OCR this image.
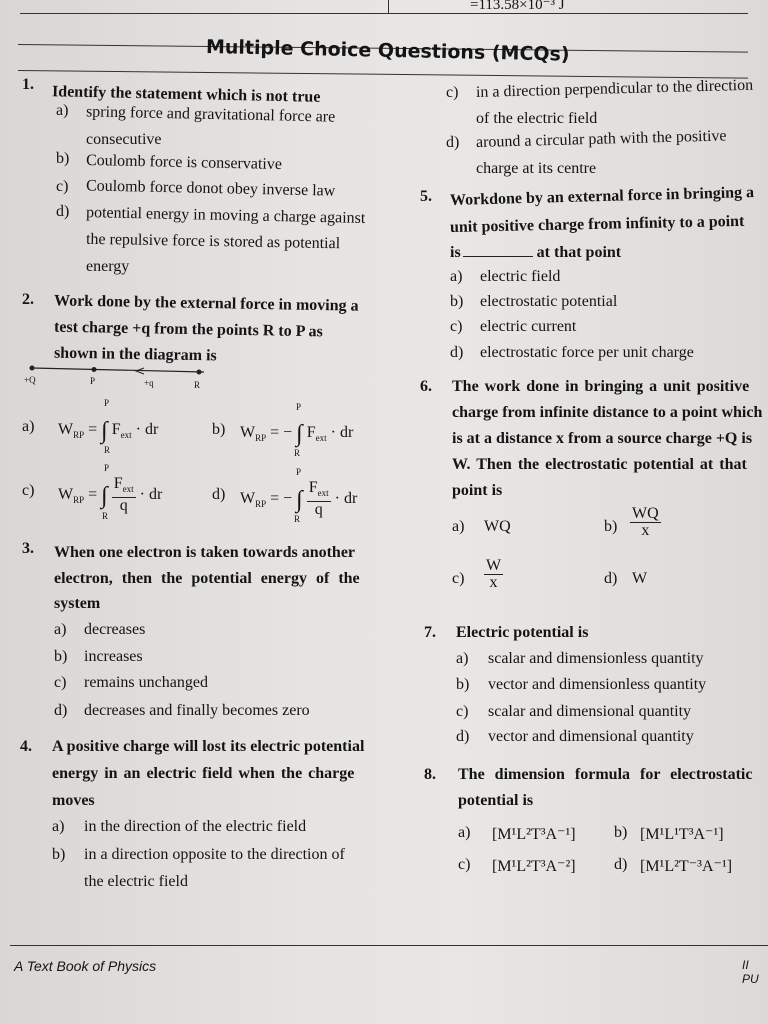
=113.58×10⁻³ J
Multiple Choice Questions (MCQs)
1. Identify the statement which is not true
a) spring force and gravitational force are
consecutive
b) Coulomb force is conservative
c) Coulomb force donot obey inverse law
d) potential energy in moving a charge against
the repulsive force is stored as potential
energy
2. Work done by the external force in moving a
test charge +q from the points R to P as
shown in the diagram is
+Q	P	+q	R
a) $W_{RP}$ = ∫ $F_{ext}$ · dr
P
R
b) $W_{RP}$ = − ∫ $F_{ext}$ · dr
P
R
c) $W_{RP}$ = ∫ $\frac{F_{ext}}{q}$ · dr
P
R
d) $W_{RP}$ = − ∫ $\frac{F_{ext}}{q}$ · dr
P
R
3. When one electron is taken towards another
electron, then the potential energy of the
system
a) decreases
b) increases
c) remains unchanged
d) decreases and finally becomes zero
4. A positive charge will lost its electric potential
energy in an electric field when the charge
moves
a) in the direction of the electric field
b) in a direction opposite to the direction of
the electric field
c) in a direction perpendicular to the direction
of the electric field
d) around a circular path with the positive
charge at its centre
5. Workdone by an external force in bringing a
unit positive charge from infinity to a point
is	at that point
a) electric field
b) electrostatic potential
c) electric current
d) electrostatic force per unit charge
6. The work done in bringing a unit positive
charge from infinite distance to a point which
is at a distance x from a source charge +Q is
W. Then the electrostatic potential at that
point is
a) WQ	$b) \frac{WQ}{x}$
$c) \frac{W}{x}$	d) W
7. Electric potential is
a) scalar and dimensionless quantity
b) vector and dimensionless quantity
c) scalar and dimensional quantity
d) vector and dimensional quantity
8. The dimension formula for electrostatic
potential is
a) [M¹L²T³A⁻¹] b) [M¹L¹T³A⁻¹]
c) [M¹L²T³A⁻²] d) [M¹L²T⁻³A⁻¹]
A Text Book of Physics	II PU
